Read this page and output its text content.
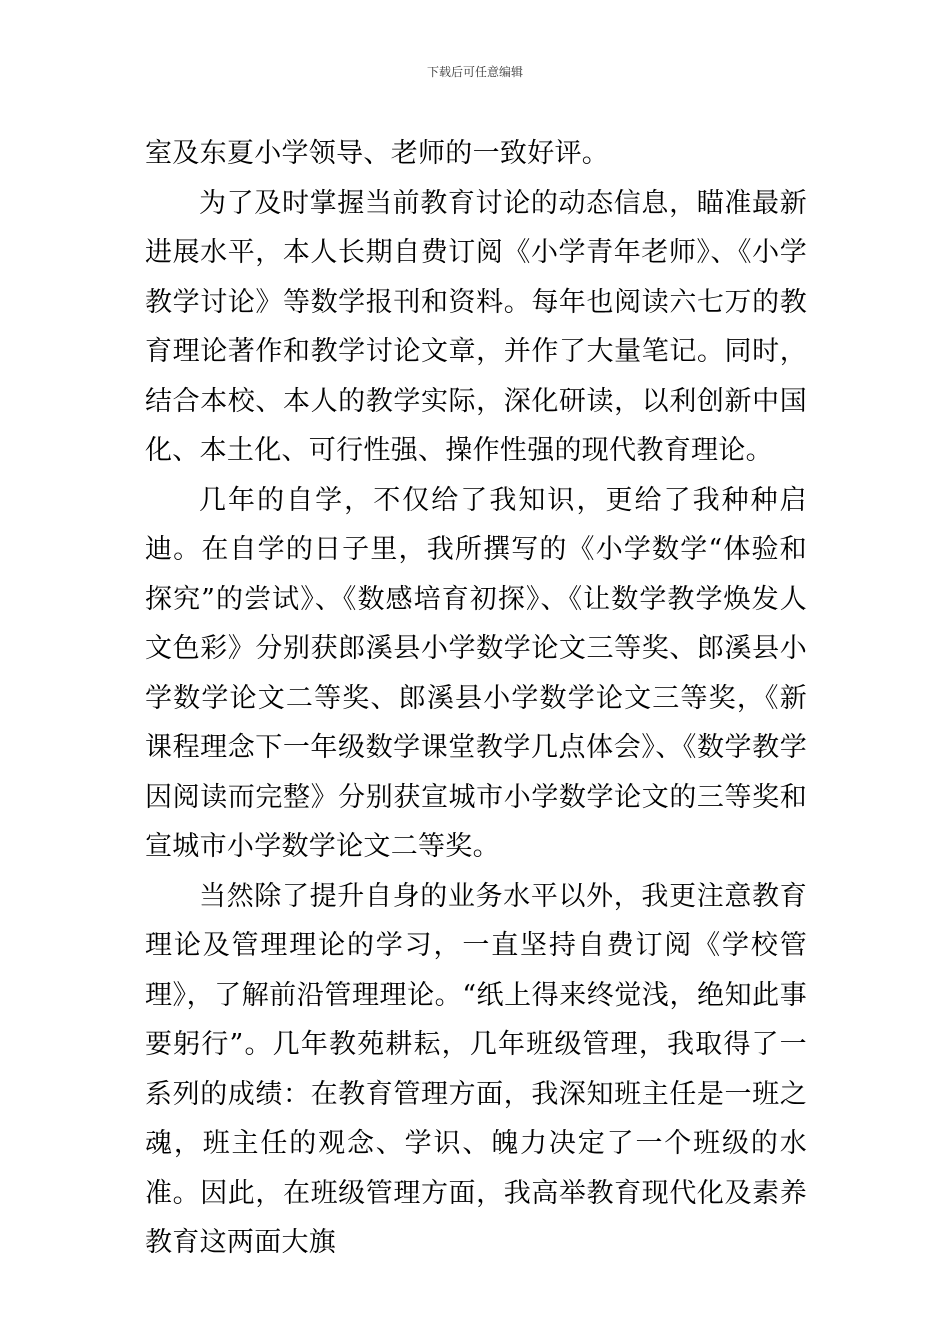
下载后可任意编辑

室及东夏小学领导、老师的一致好评。

为了及时掌握当前教育讨论的动态信息，瞄准最新进展水平，本人长期自费订阅《小学青年老师》、《小学教学讨论》等数学报刊和资料。每年也阅读六七万的教育理论著作和教学讨论文章，并作了大量笔记。同时，结合本校、本人的教学实际，深化研读，以利创新中国化、本土化、可行性强、操作性强的现代教育理论。

几年的自学，不仅给了我知识，更给了我种种启迪。在自学的日子里，我所撰写的《小学数学“体验和探究”的尝试》、《数感培育初探》、《让数学教学焕发人文色彩》分别获郎溪县小学数学论文三等奖、郎溪县小学数学论文二等奖、郎溪县小学数学论文三等奖，《新课程理念下一年级数学课堂教学几点体会》、《数学教学因阅读而完整》分别获宣城市小学数学论文的三等奖和宣城市小学数学论文二等奖。

当然除了提升自身的业务水平以外，我更注意教育理论及管理理论的学习，一直坚持自费订阅《学校管理》，了解前沿管理理论。“纸上得来终觉浅，绝知此事要躬行”。几年教苑耕耘，几年班级管理，我取得了一系列的成绩：在教育管理方面，我深知班主任是一班之魂，班主任的观念、学识、魄力决定了一个班级的水准。因此，在班级管理方面，我高举教育现代化及素养教育这两面大旗
